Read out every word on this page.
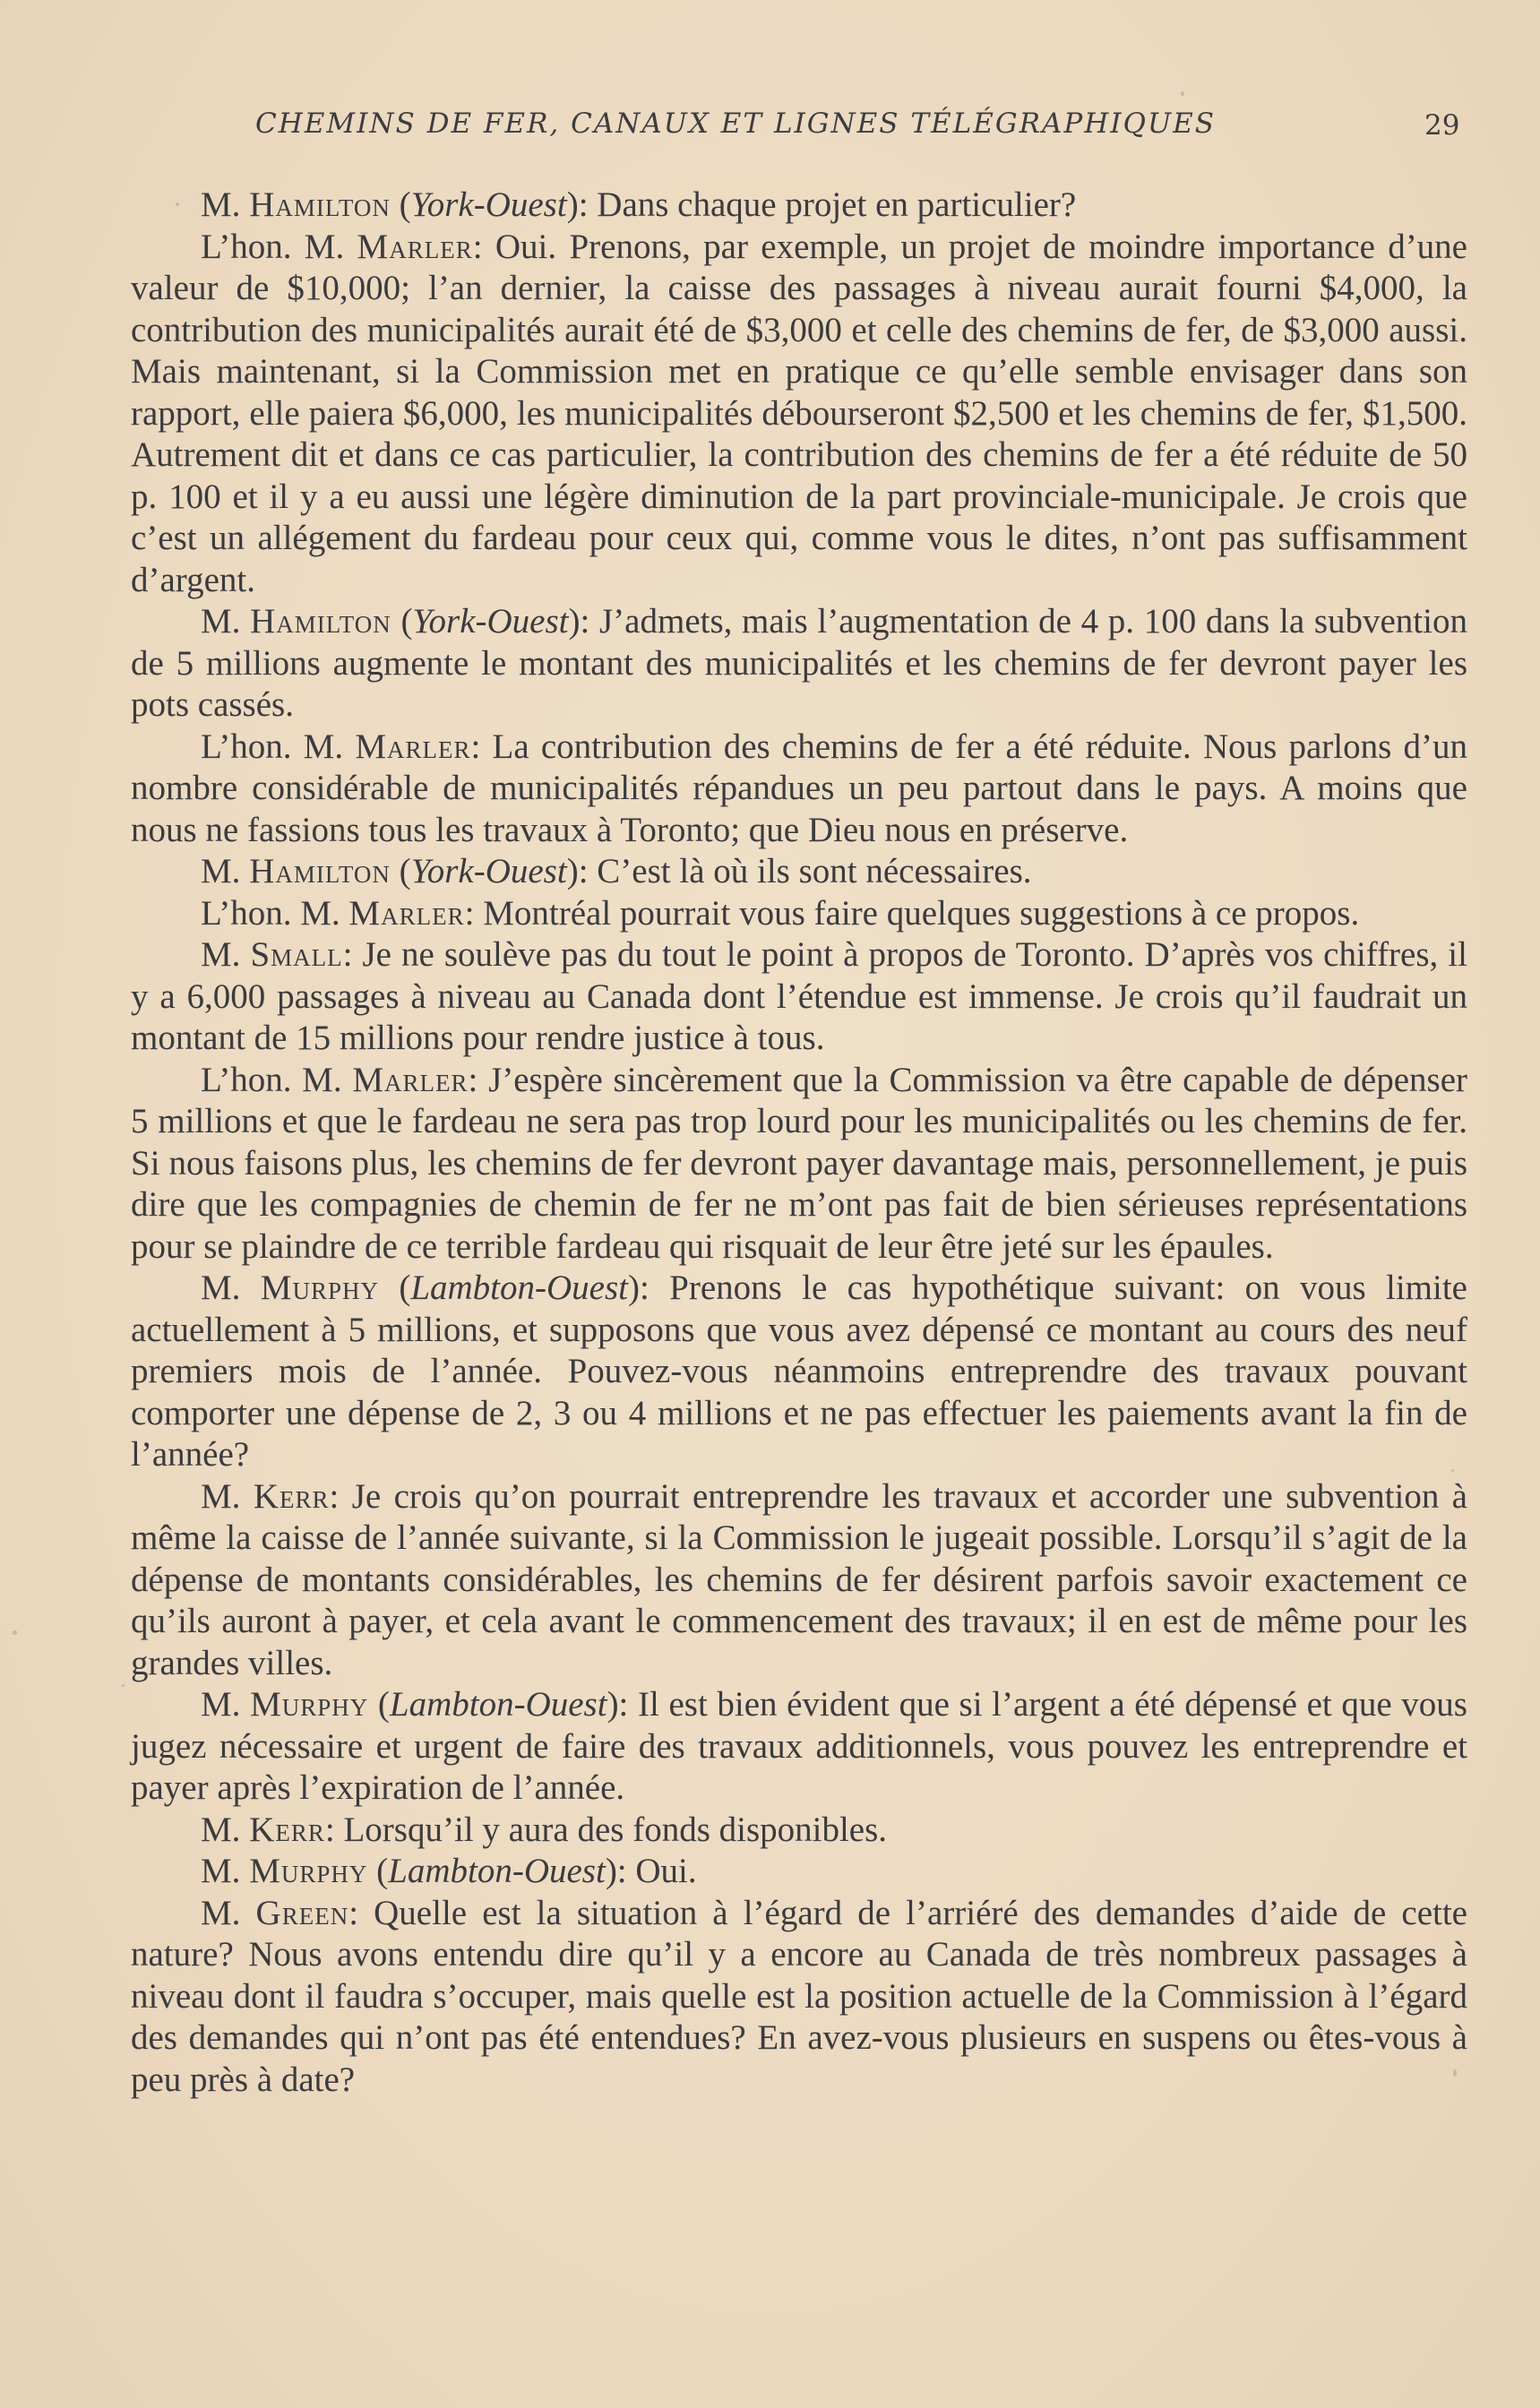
CHEMINS DE FER, CANAUX ET LIGNES TÉLÉGRAPHIQUES	29

M. Hamilton (York-Ouest): Dans chaque projet en particulier?

L’hon. M. Marler: Oui. Prenons, par exemple, un projet de moindre importance d’une valeur de $10,000; l’an dernier, la caisse des passages à niveau aurait fourni $4,000, la contribution des municipalités aurait été de $3,000 et celle des chemins de fer, de $3,000 aussi. Mais maintenant, si la Commission met en pratique ce qu’elle semble envisager dans son rapport, elle paiera $6,000, les municipalités débourseront $2,500 et les chemins de fer, $1,500. Autrement dit et dans ce cas particulier, la contribution des chemins de fer a été réduite de 50 p. 100 et il y a eu aussi une légère diminution de la part provinciale-municipale. Je crois que c’est un allégement du fardeau pour ceux qui, comme vous le dites, n’ont pas suffisamment d’argent.

M. Hamilton (York-Ouest): J’admets, mais l’augmentation de 4 p. 100 dans la subvention de 5 millions augmente le montant des municipalités et les chemins de fer devront payer les pots cassés.

L’hon. M. Marler: La contribution des chemins de fer a été réduite. Nous parlons d’un nombre considérable de municipalités répandues un peu partout dans le pays. A moins que nous ne fassions tous les travaux à Toronto; que Dieu nous en préserve.

M. Hamilton (York-Ouest): C’est là où ils sont nécessaires.

L’hon. M. Marler: Montréal pourrait vous faire quelques suggestions à ce propos.

M. Small: Je ne soulève pas du tout le point à propos de Toronto. D’après vos chiffres, il y a 6,000 passages à niveau au Canada dont l’étendue est immense. Je crois qu’il faudrait un montant de 15 millions pour rendre justice à tous.

L’hon. M. Marler: J’espère sincèrement que la Commission va être capable de dépenser 5 millions et que le fardeau ne sera pas trop lourd pour les municipalités ou les chemins de fer. Si nous faisons plus, les chemins de fer devront payer davantage mais, personnellement, je puis dire que les compagnies de chemin de fer ne m’ont pas fait de bien sérieuses représentations pour se plaindre de ce terrible fardeau qui risquait de leur être jeté sur les épaules.

M. Murphy (Lambton-Ouest): Prenons le cas hypothétique suivant: on vous limite actuellement à 5 millions, et supposons que vous avez dépensé ce montant au cours des neuf premiers mois de l’année. Pouvez-vous néanmoins entreprendre des travaux pouvant comporter une dépense de 2, 3 ou 4 millions et ne pas effectuer les paiements avant la fin de l’année?

M. Kerr: Je crois qu’on pourrait entreprendre les travaux et accorder une subvention à même la caisse de l’année suivante, si la Commission le jugeait possible. Lorsqu’il s’agit de la dépense de montants considérables, les chemins de fer désirent parfois savoir exactement ce qu’ils auront à payer, et cela avant le commencement des travaux; il en est de même pour les grandes villes.

M. Murphy (Lambton-Ouest): Il est bien évident que si l’argent a été dépensé et que vous jugez nécessaire et urgent de faire des travaux additionnels, vous pouvez les entreprendre et payer après l’expiration de l’année.

M. Kerr: Lorsqu’il y aura des fonds disponibles.

M. Murphy (Lambton-Ouest): Oui.

M. Green: Quelle est la situation à l’égard de l’arriéré des demandes d’aide de cette nature? Nous avons entendu dire qu’il y a encore au Canada de très nombreux passages à niveau dont il faudra s’occuper, mais quelle est la position actuelle de la Commission à l’égard des demandes qui n’ont pas été entendues? En avez-vous plusieurs en suspens ou êtes-vous à peu près à date?
